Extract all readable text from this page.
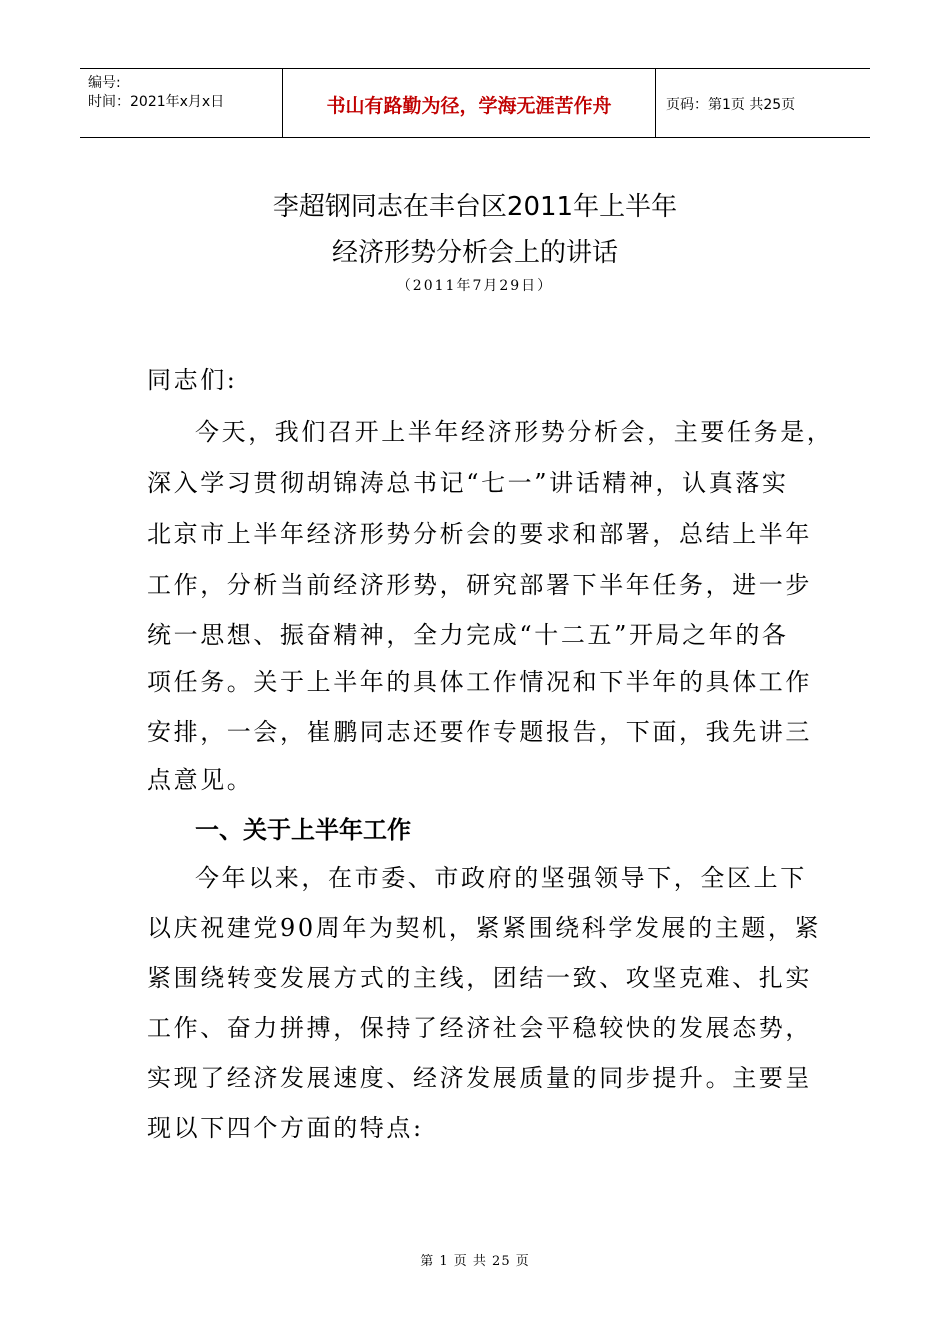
编号:
时间：2021年x月x日	书山有路勤为径，学海无涯苦作舟	页码：第1页 共25页
李超钢同志在丰台区2011年上半年
经济形势分析会上的讲话
（2011年7月29日）
同志们:
今天，我们召开上半年经济形势分析会，主要任务是，
深入学习贯彻胡锦涛总书记“七一”讲话精神，认真落实
北京市上半年经济形势分析会的要求和部署，总结上半年
工作，分析当前经济形势，研究部署下半年任务，进一步
统一思想、振奋精神，全力完成“十二五”开局之年的各
项任务。关于上半年的具体工作情况和下半年的具体工作
安排，一会，崔鹏同志还要作专题报告，下面，我先讲三
点意见。
一、关于上半年工作
今年以来，在市委、市政府的坚强领导下，全区上下
以庆祝建党90周年为契机，紧紧围绕科学发展的主题，紧
紧围绕转变发展方式的主线，团结一致、攻坚克难、扎实
工作、奋力拼搏，保持了经济社会平稳较快的发展态势，
实现了经济发展速度、经济发展质量的同步提升。主要呈
现以下四个方面的特点:
第 1 页 共 25 页
